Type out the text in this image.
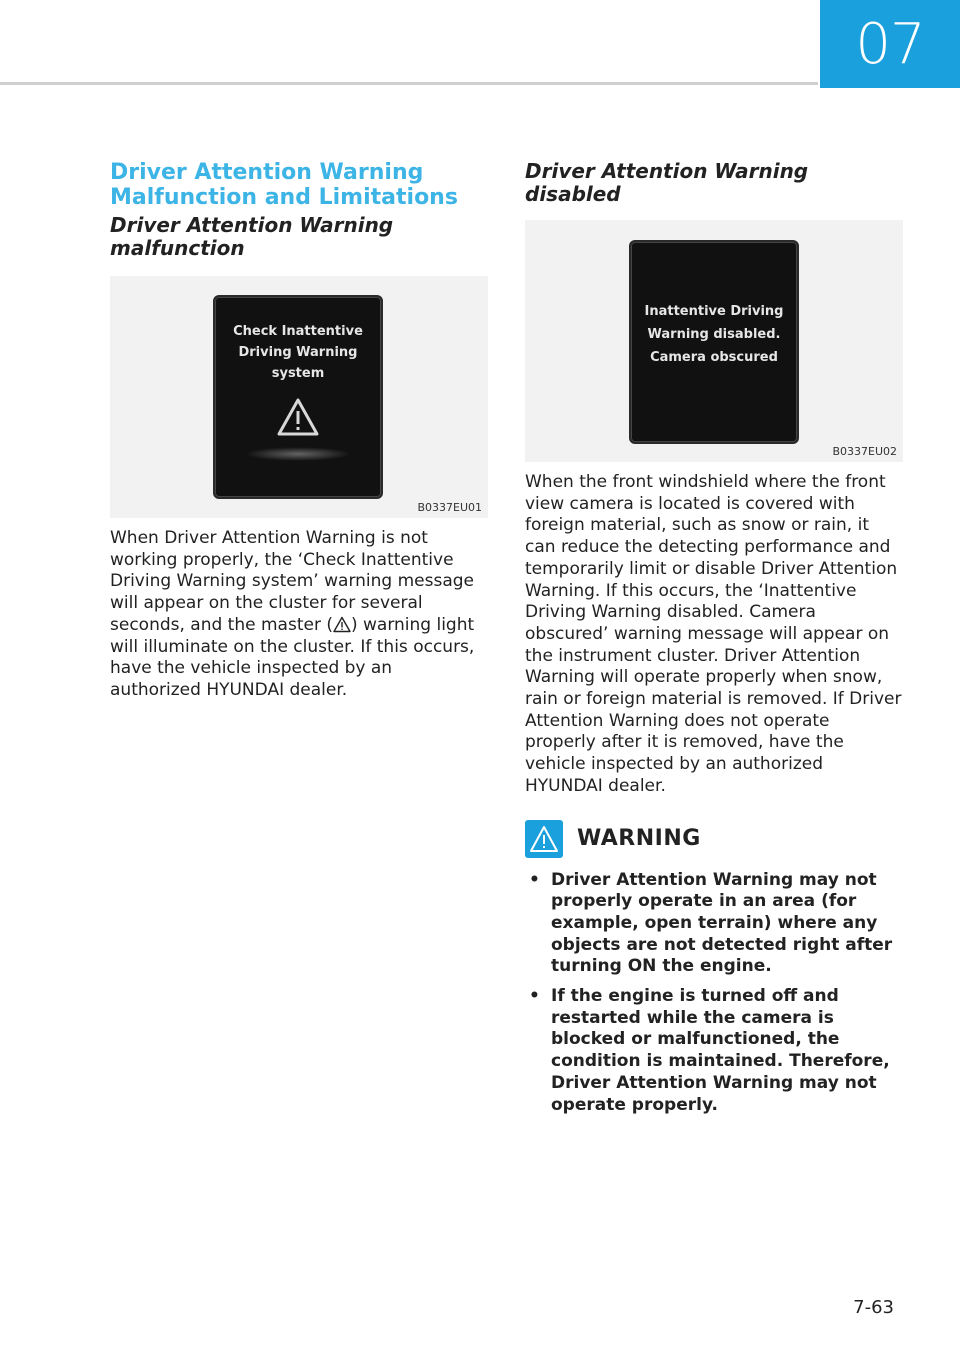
07
Driver Attention Warning
Malfunction and Limitations
Driver Attention Warning
malfunction
Check Inattentive
Driving Warning system
B0337EU01

When Driver Attention Warning is not working properly, the ‘Check Inattentive Driving Warning system’ warning message will appear on the cluster for several seconds, and the master ( ) warning light will illuminate on the cluster. If this occurs, have the vehicle inspected by an authorized HYUNDAI dealer.

Driver Attention Warning disabled
Inattentive Driving
Warning disabled.
Camera obscured
B0337EU02

When the front windshield where the front view camera is located is covered with foreign material, such as snow or rain, it can reduce the detecting performance and temporarily limit or disable Driver Attention Warning. If this occurs, the ‘Inattentive Driving Warning disabled. Camera obscured’ warning message will appear on the instrument cluster. Driver Attention Warning will operate properly when snow, rain or foreign material is removed. If Driver Attention Warning does not operate properly after it is removed, have the vehicle inspected by an authorized HYUNDAI dealer.

WARNING
• Driver Attention Warning may not properly operate in an area (for example, open terrain) where any objects are not detected right after turning ON the engine.
• If the engine is turned off and restarted while the camera is blocked or malfunctioned, the condition is maintained. Therefore, Driver Attention Warning may not operate properly.
7-63
